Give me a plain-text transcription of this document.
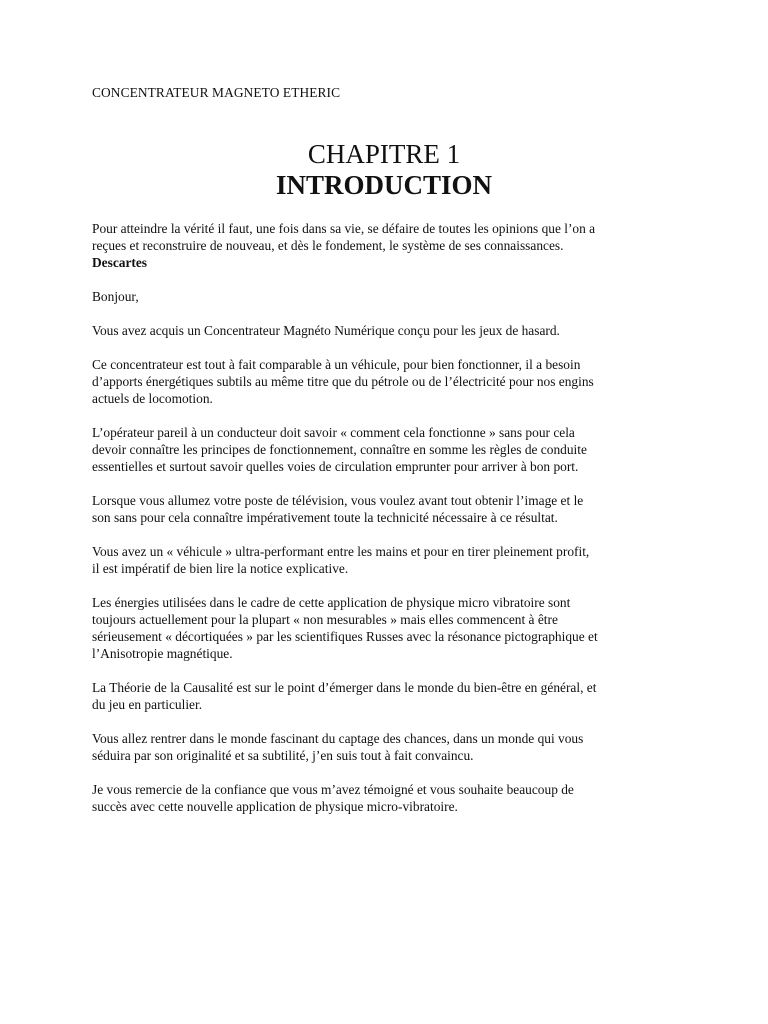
CONCENTRATEUR MAGNETO ETHERIC

CHAPITRE 1
INTRODUCTION
Pour atteindre la vérité il faut, une fois dans sa vie, se défaire de toutes les opinions que l’on a
reçues et reconstruire de nouveau, et dès le fondement, le système de ses connaissances.
Descartes
Bonjour,
Vous avez acquis un Concentrateur Magnéto Numérique conçu pour les jeux de hasard.
Ce concentrateur est tout à fait comparable à un véhicule, pour bien fonctionner, il a besoin
d’apports énergétiques subtils au même titre que du pétrole ou de l’électricité pour nos engins
actuels de locomotion.
L’opérateur pareil à un conducteur doit savoir « comment cela fonctionne » sans pour cela
devoir connaître les principes de fonctionnement, connaître en somme les règles de conduite
essentielles et surtout savoir quelles voies de circulation emprunter pour arriver à bon port.
Lorsque vous allumez votre poste de télévision, vous voulez avant tout obtenir l’image et le
son sans pour cela connaître impérativement toute la technicité nécessaire à ce résultat.
Vous avez un « véhicule » ultra-performant entre les mains et pour en tirer pleinement profit,
il est impératif de bien lire la notice explicative.
Les énergies utilisées dans le cadre de cette application de physique micro vibratoire sont
toujours actuellement pour la plupart « non mesurables » mais elles commencent à être
sérieusement « décortiquées » par les scientifiques Russes avec la résonance pictographique et
l’Anisotropie magnétique.
La Théorie de la Causalité est sur le point d’émerger dans le monde du bien-être en général, et
du jeu en particulier.
Vous allez rentrer dans le monde fascinant du captage des chances, dans un monde qui vous
séduira par son originalité et sa subtilité, j’en suis tout à fait convaincu.
Je vous remercie de la confiance que vous m’avez témoigné et vous souhaite beaucoup de
succès avec cette nouvelle application de physique micro-vibratoire.
